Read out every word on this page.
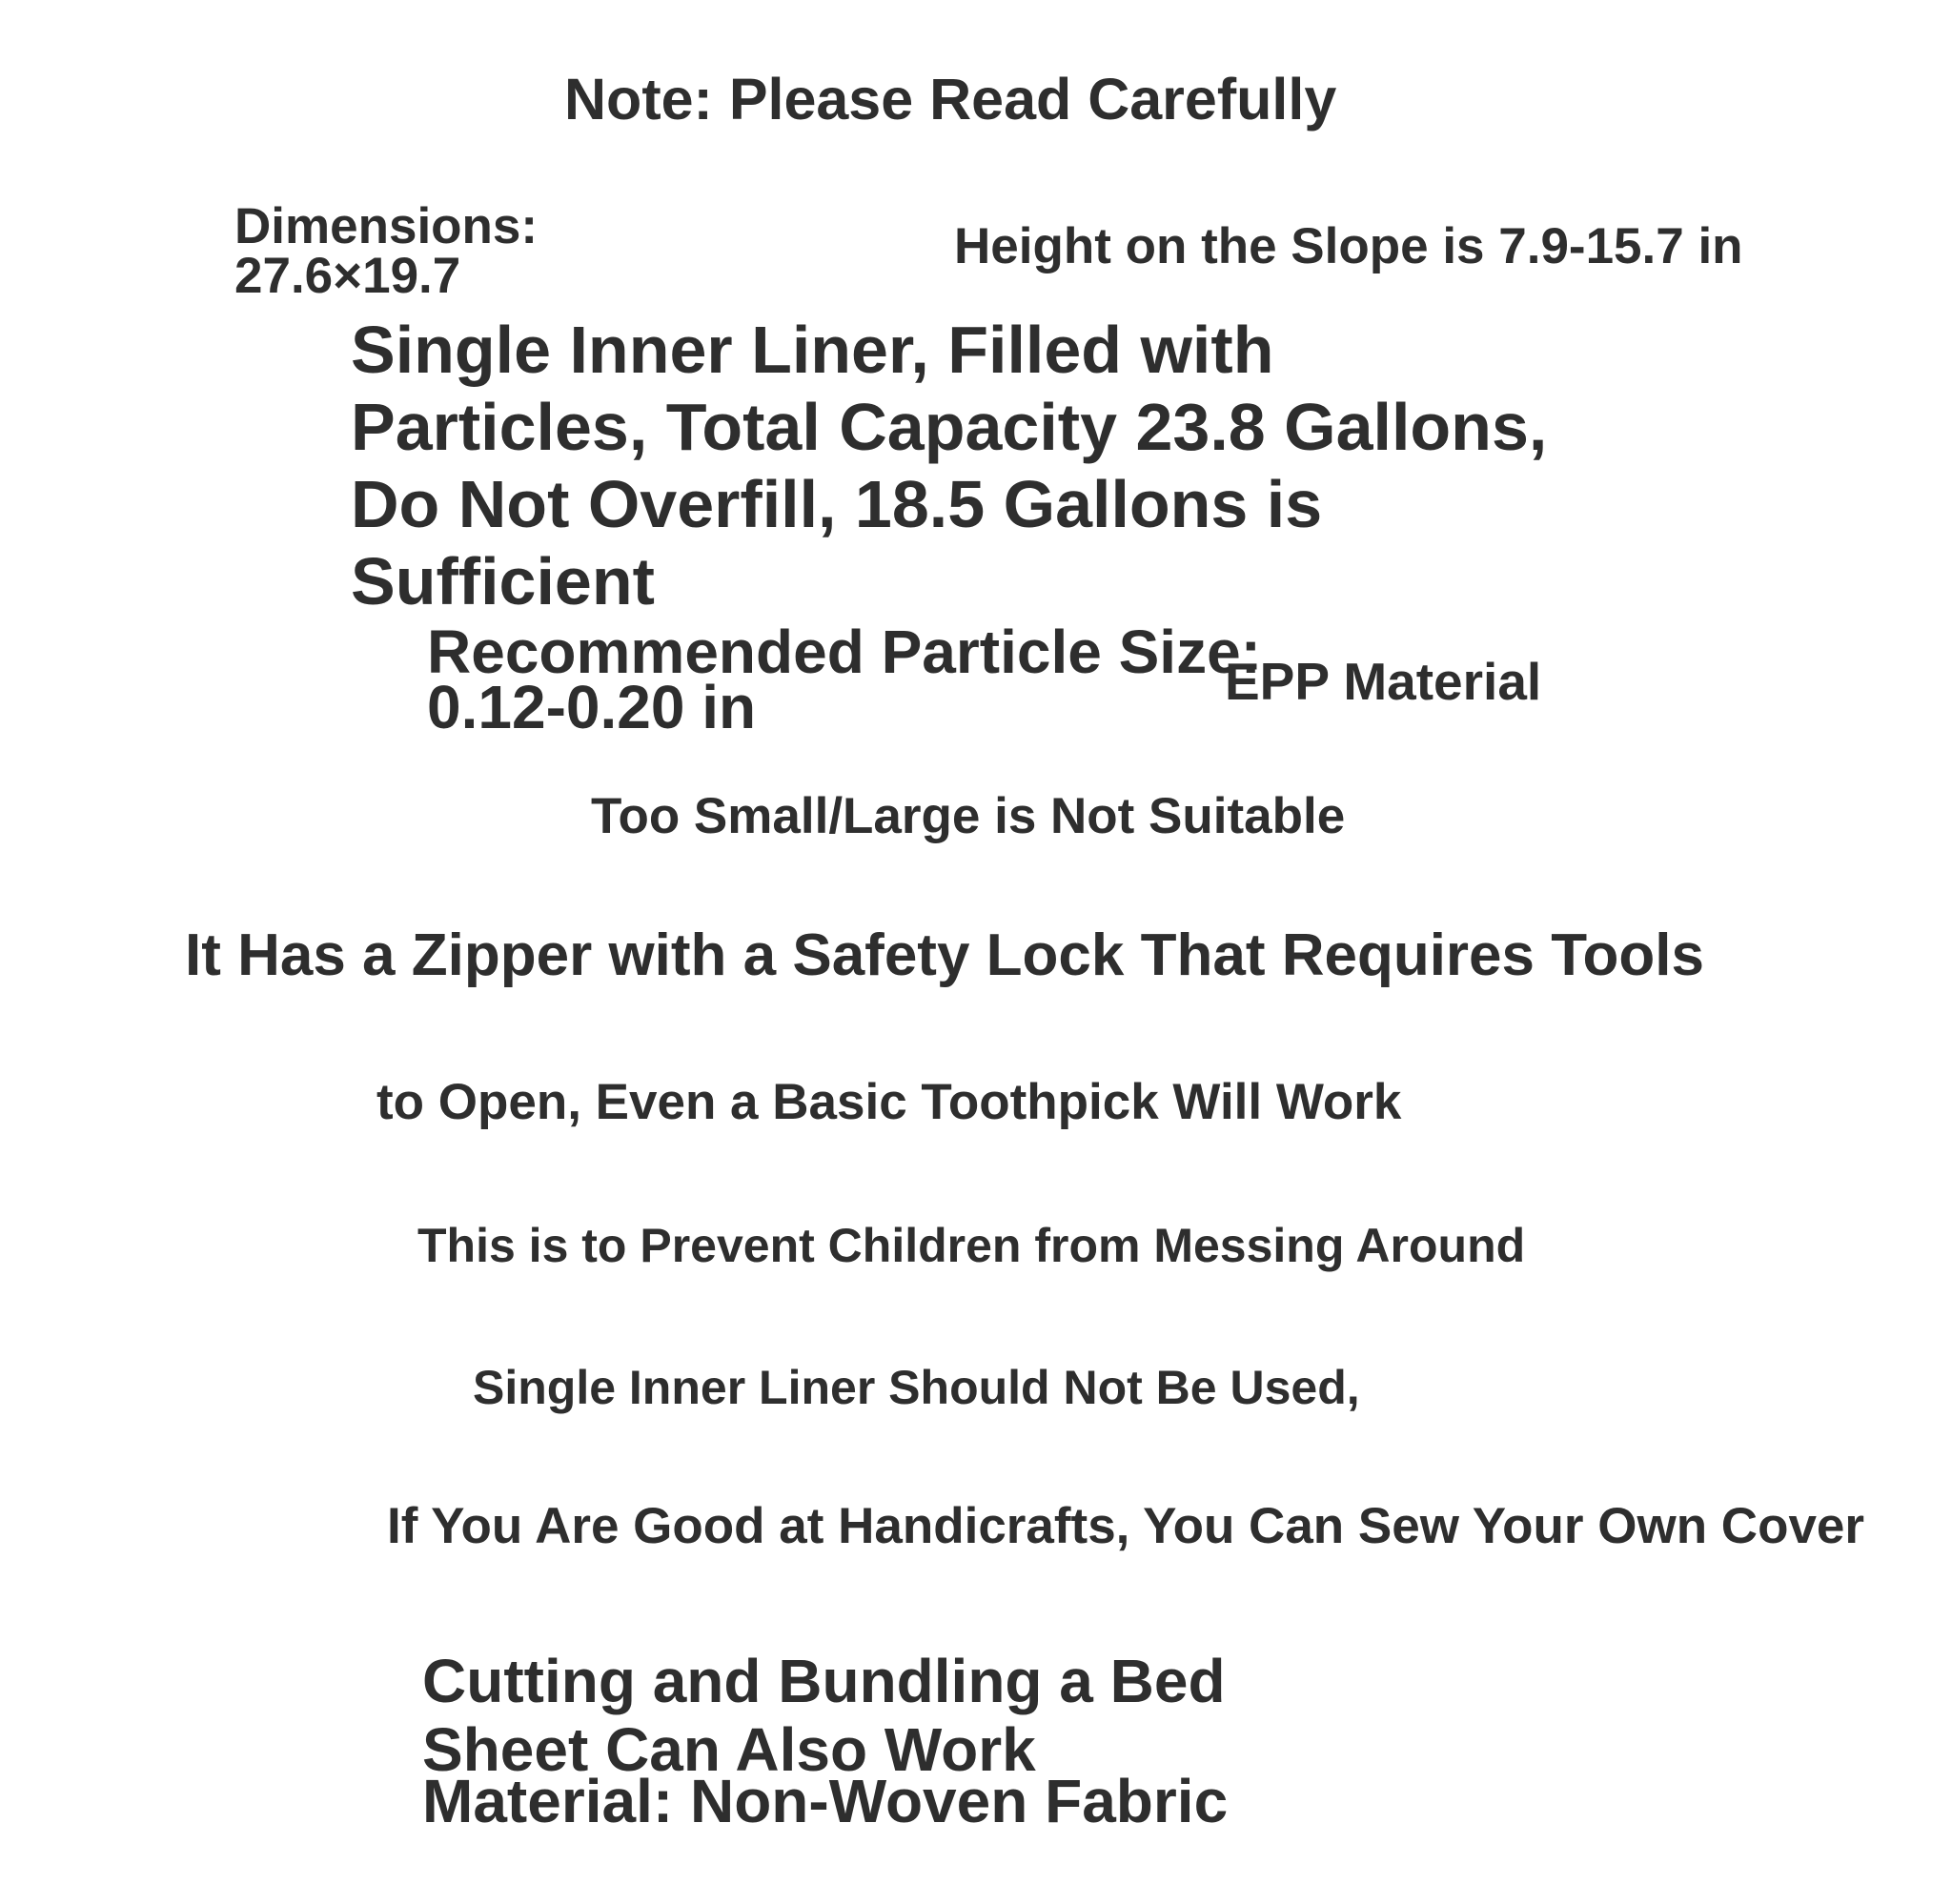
Note: Please Read Carefully
Dimensions:
27.6×19.7
Height on the Slope is 7.9-15.7 in
Single Inner Liner, Filled with
Particles, Total Capacity 23.8 Gallons,
Do Not Overfill, 18.5 Gallons is
Sufficient
Recommended Particle Size:
0.12-0.20 in	EPP Material
Too Small/Large is Not Suitable
It Has a Zipper with a Safety Lock That Requires Tools
to Open, Even a Basic Toothpick Will Work
This is to Prevent Children from Messing Around
Single Inner Liner Should Not Be Used,
If You Are Good at Handicrafts, You Can Sew Your Own Cover
Cutting and Bundling a Bed
Sheet Can Also Work
Material: Non-Woven Fabric
